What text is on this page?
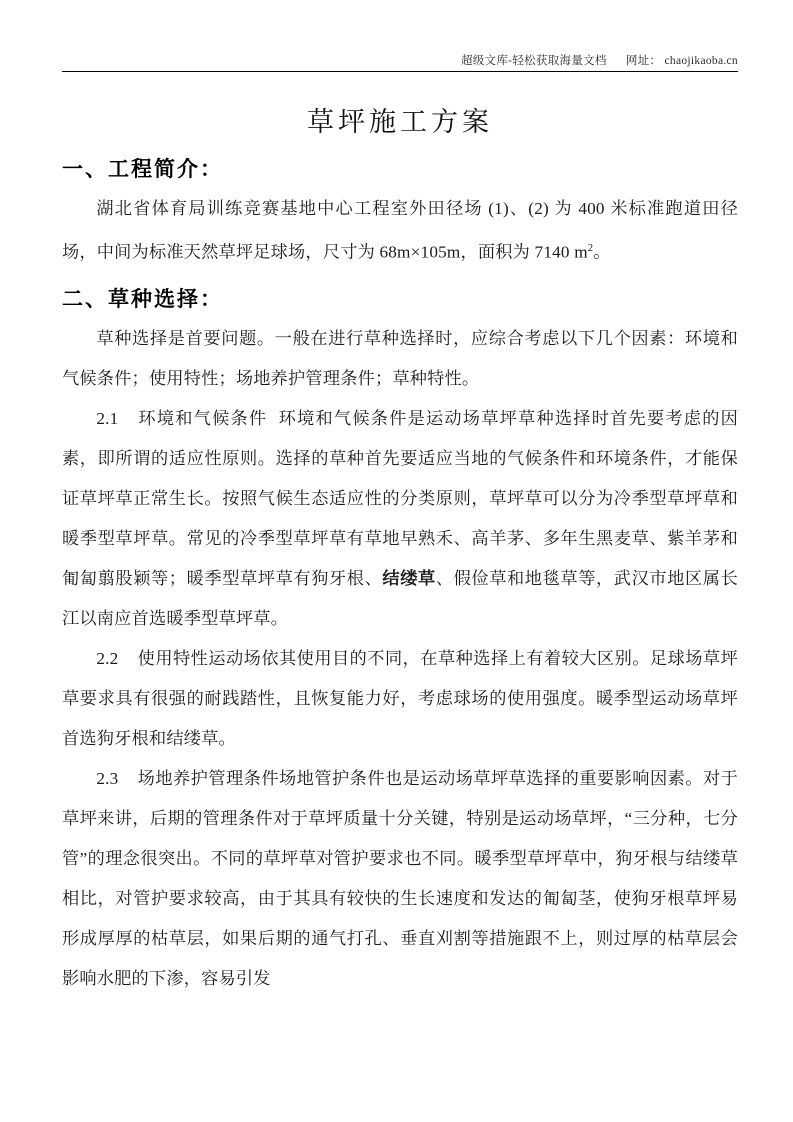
超级文库-轻松获取海量文档 网址： chaojikaoba.cn
草坪施工方案
一、工程简介：

湖北省体育局训练竞赛基地中心工程室外田径场 (1)、(2) 为 400 米标准跑道田径场，中间为标准天然草坪足球场，尺寸为 68m×105m，面积为 7140 $m^2$。

二、草种选择：

草种选择是首要问题。一般在进行草种选择时，应综合考虑以下几个因素：环境和气候条件；使用特性；场地养护管理条件；草种特性。

2.1 环境和气候条件 环境和气候条件是运动场草坪草种选择时首先要考虑的因素，即所谓的适应性原则。选择的草种首先要适应当地的气候条件和环境条件，才能保证草坪草正常生长。按照气候生态适应性的分类原则，草坪草可以分为冷季型草坪草和暖季型草坪草。常见的冷季型草坪草有草地早熟禾、高羊茅、多年生黑麦草、紫羊茅和匍匐翦股颖等；暖季型草坪草有狗牙根、结缕草、假俭草和地毯草等，武汉市地区属长江以南应首选暖季型草坪草。

2.2 使用特性运动场依其使用目的不同，在草种选择上有着较大区别。足球场草坪草要求具有很强的耐践踏性，且恢复能力好，考虑球场的使用强度。暖季型运动场草坪首选狗牙根和结缕草。

2.3 场地养护管理条件场地管护条件也是运动场草坪草选择的重要影响因素。对于草坪来讲，后期的管理条件对于草坪质量十分关键，特别是运动场草坪，“三分种，七分管”的理念很突出。不同的草坪草对管护要求也不同。暖季型草坪草中，狗牙根与结缕草相比，对管护要求较高，由于其具有较快的生长速度和发达的匍匐茎，使狗牙根草坪易形成厚厚的枯草层，如果后期的通气打孔、垂直刈割等措施跟不上，则过厚的枯草层会影响水肥的下渗，容易引发
